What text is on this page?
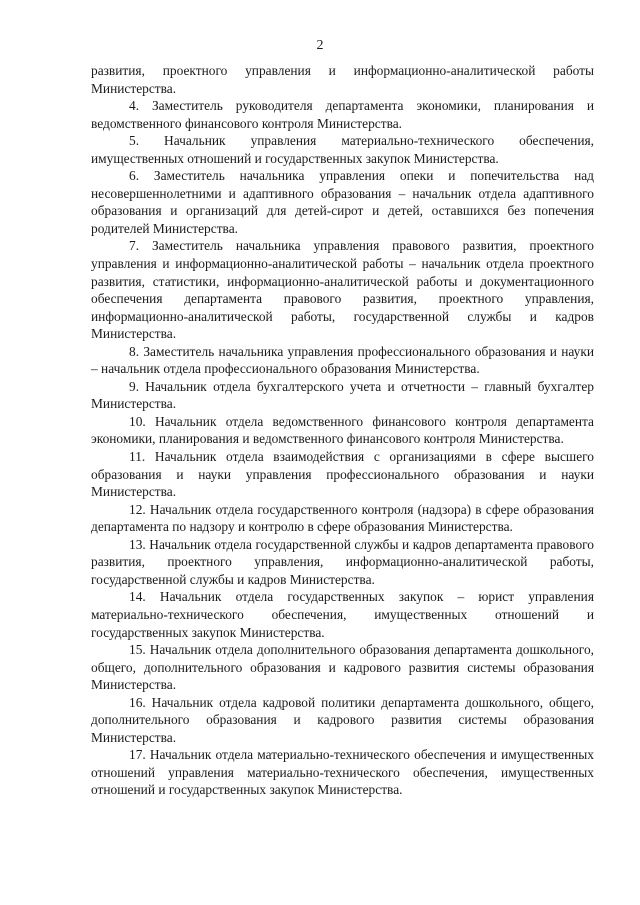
2

развития, проектного управления и информационно-аналитической работы Министерства.

4. Заместитель руководителя департамента экономики, планирования и ведомственного финансового контроля Министерства.

5. Начальник управления материально-технического обеспечения, имущественных отношений и государственных закупок Министерства.

6. Заместитель начальника управления опеки и попечительства над несовершеннолетними и адаптивного образования – начальник отдела адаптивного образования и организаций для детей-сирот и детей, оставшихся без попечения родителей Министерства.

7. Заместитель начальника управления правового развития, проектного управления и информационно-аналитической работы – начальник отдела проектного развития, статистики, информационно-аналитической работы и документационного обеспечения департамента правового развития, проектного управления, информационно-аналитической работы, государственной службы и кадров Министерства.

8. Заместитель начальника управления профессионального образования и науки – начальник отдела профессионального образования Министерства.

9. Начальник отдела бухгалтерского учета и отчетности – главный бухгалтер Министерства.

10. Начальник отдела ведомственного финансового контроля департамента экономики, планирования и ведомственного финансового контроля Министерства.

11. Начальник отдела взаимодействия с организациями в сфере высшего образования и науки управления профессионального образования и науки Министерства.

12. Начальник отдела государственного контроля (надзора) в сфере образования департамента по надзору и контролю в сфере образования Министерства.

13. Начальник отдела государственной службы и кадров департамента правового развития, проектного управления, информационно-аналитической работы, государственной службы и кадров Министерства.

14. Начальник отдела государственных закупок – юрист управления материально-технического обеспечения, имущественных отношений и государственных закупок Министерства.

15. Начальник отдела дополнительного образования департамента дошкольного, общего, дополнительного образования и кадрового развития системы образования Министерства.

16. Начальник отдела кадровой политики департамента дошкольного, общего, дополнительного образования и кадрового развития системы образования Министерства.

17. Начальник отдела материально-технического обеспечения и имущественных отношений управления материально-технического обеспечения, имущественных отношений и государственных закупок Министерства.
